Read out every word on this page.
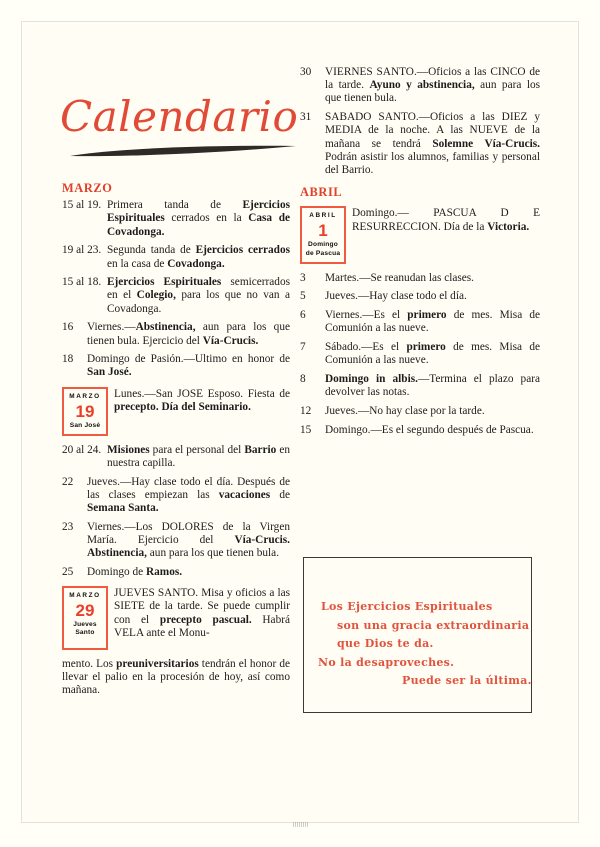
Calendario
MARZO
15 al 19. Primera tanda de Ejercicios Espirituales cerrados en la Casa de Covadonga.
19 al 23. Segunda tanda de Ejercicios cerrados en la casa de Covadonga.
15 al 18. Ejercicios Espirituales semicerrados en el Colegio, para los que no van a Covadonga.
16	Viernes.—Abstinencia, aun para los que tienen bula. Ejercicio del Vía-Crucis.
18	Domingo de Pasión.—Ultimo en honor de San José.
MARZO
19
San José
Lunes.—San JOSE Esposo. Fiesta de precepto. Día del Seminario.
20 al 24. Misiones para el personal del Barrio en nuestra capilla.
22	Jueves.—Hay clase todo el día. Después de las clases empiezan las vacaciones de Semana Santa.
23	Viernes.—Los DOLORES de la Virgen María. Ejercicio del Vía-Crucis. Abstinencia, aun para los que tienen bula.
25	Domingo de Ramos.
MARZO
29
Jueves
Santo
JUEVES SANTO. Misa y oficios a las SIETE de la tarde. Se puede cumplir con el precepto pascual. Habrá VELA ante el Monu-
mento. Los preuniversitarios tendrán el honor de llevar el palio en la procesión de hoy, así como mañana.
30	VIERNES SANTO.—Oficios a las CINCO de la tarde. Ayuno y abstinencia, aun para los que tienen bula.
31	SABADO SANTO.—Oficios a las DIEZ y MEDIA de la noche. A las NUEVE de la mañana se tendrá Solemne Vía-Crucis. Podrán asistir los alumnos, familias y personal del Barrio.
ABRIL
ABRIL
1
Domingo
de Pascua
Domingo.— PASCUA D E RESURRECCION. Día de la Victoria.
3	Martes.—Se reanudan las clases.
5	Jueves.—Hay clase todo el día.
6	Viernes.—Es el primero de mes. Misa de Comunión a las nueve.
7	Sábado.—Es el primero de mes. Misa de Comunión a las nueve.
8	Domingo in albis.—Termina el plazo para devolver las notas.
12	Jueves.—No hay clase por la tarde.
15	Domingo.—Es el segundo después de Pascua.
Los Ejercicios Espirituales
son una gracia extraordinaria
que Dios te da.
No la desaproveches.
Puede ser la última.
